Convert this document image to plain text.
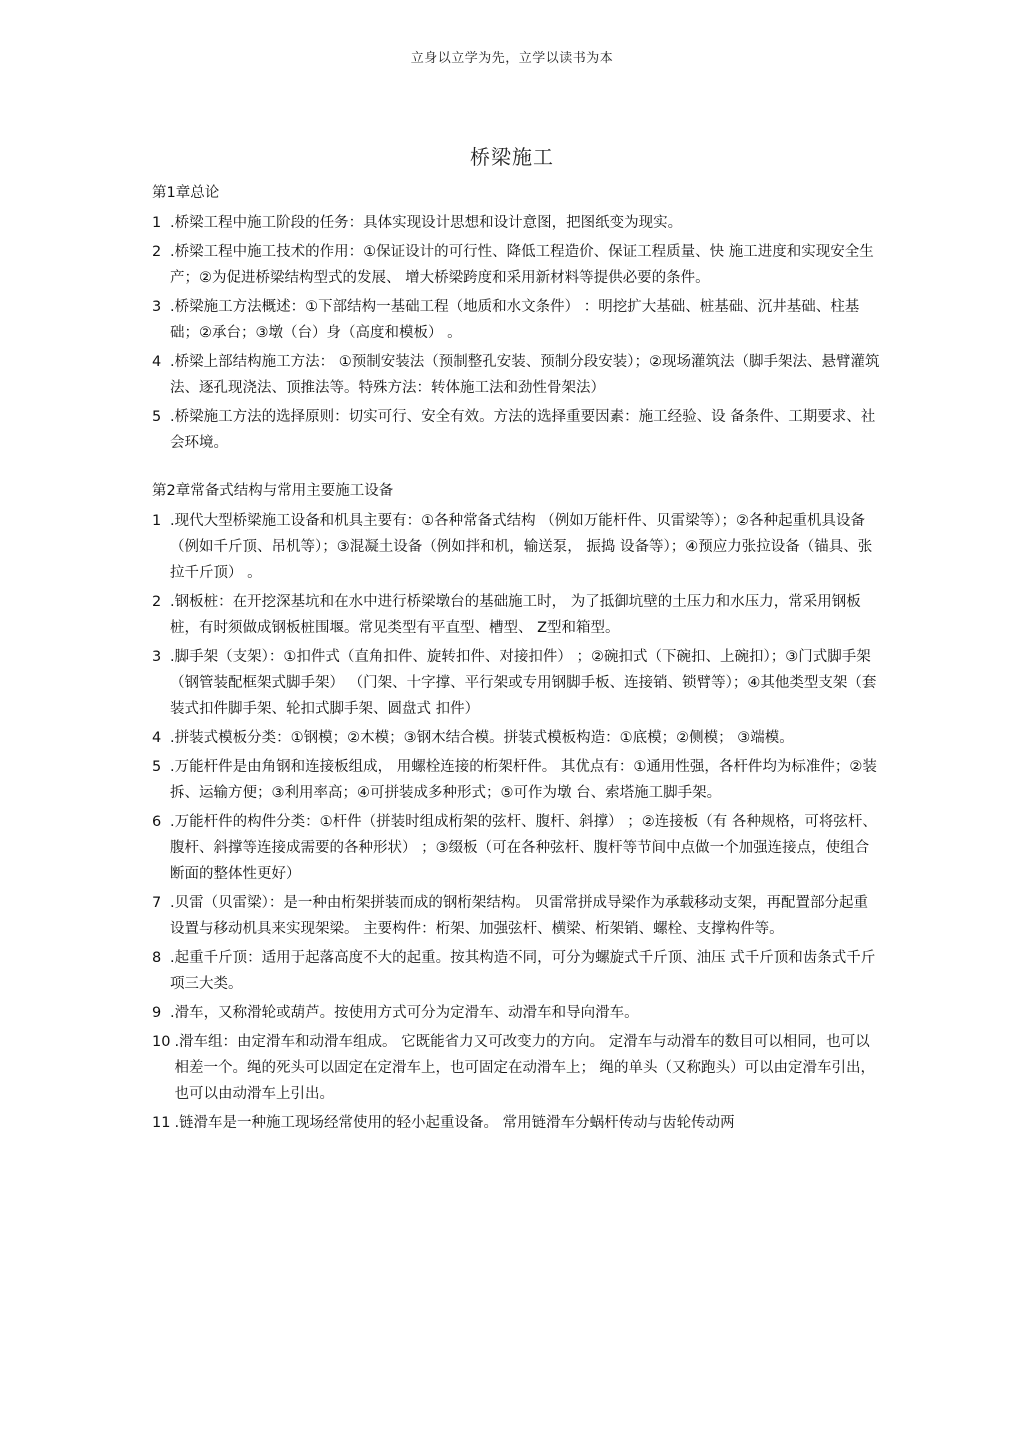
立身以立学为先，立学以读书为本
桥梁施工
第1章总论
1 .桥梁工程中施工阶段的任务：具体实现设计思想和设计意图，把图纸变为现实。
2 .桥梁工程中施工技术的作用：①保证设计的可行性、降低工程造价、保证工程质量、快 施工进度和实现安全生产；②为促进桥梁结构型式的发展、 增大桥梁跨度和采用新材料等提供必要的条件。
3 .桥梁施工方法概述：①下部结构一基础工程（地质和水文条件） ：明挖扩大基础、桩基础、沉井基础、柱基础；②承台；③墩（台）身（高度和模板） 。
4 .桥梁上部结构施工方法： ①预制安装法（预制整孔安装、预制分段安装）；②现场灌筑法（脚手架法、悬臂灌筑法、逐孔现浇法、顶推法等。特殊方法：转体施工法和劲性骨架法）
5 .桥梁施工方法的选择原则：切实可行、安全有效。方法的选择重要因素：施工经验、设 备条件、工期要求、社会环境。
第2章常备式结构与常用主要施工设备
1 .现代大型桥梁施工设备和机具主要有：①各种常备式结构 （例如万能杆件、贝雷梁等）；②各种起重机具设备（例如千斤顶、吊机等）；③混凝土设备（例如拌和机，输送泵， 振捣 设备等）；④预应力张拉设备（锚具、张拉千斤顶） 。
2 .钢板桩：在开挖深基坑和在水中进行桥梁墩台的基础施工时， 为了抵御坑壁的土压力和水压力，常采用钢板桩，有时须做成钢板桩围堰。常见类型有平直型、槽型、 Z型和箱型。
3 .脚手架（支架）：①扣件式（直角扣件、旋转扣件、对接扣件） ；②碗扣式（下碗扣、上碗扣）；③门式脚手架（钢管装配框架式脚手架） （门架、十字撑、平行架或专用钢脚手板、连接销、锁臂等）；④其他类型支架（套装式扣件脚手架、轮扣式脚手架、圆盘式 扣件）
4 .拼装式模板分类：①钢模；②木模；③钢木结合模。拼装式模板构造：①底模；②侧模； ③端模。
5 .万能杆件是由角钢和连接板组成， 用螺栓连接的桁架杆件。 其优点有：①通用性强，各杆件均为标准件；②装拆、运输方便；③利用率高；④可拼装成多种形式；⑤可作为墩 台、索塔施工脚手架。
6 .万能杆件的构件分类：①杆件（拼装时组成桁架的弦杆、腹杆、斜撑） ；②连接板（有 各种规格，可将弦杆、腹杆、斜撑等连接成需要的各种形状） ；③缀板（可在各种弦杆、腹杆等节间中点做一个加强连接点，使组合断面的整体性更好）
7 .贝雷（贝雷梁）：是一种由桁架拼装而成的钢桁架结构。 贝雷常拼成导梁作为承载移动支架，再配置部分起重设置与移动机具来实现架梁。 主要构件：桁架、加强弦杆、横梁、桁架销、螺栓、支撑构件等。
8 .起重千斤顶：适用于起落高度不大的起重。按其构造不同，可分为螺旋式千斤顶、油压 式千斤顶和齿条式千斤项三大类。
9 .滑车，又称滑轮或葫芦。按使用方式可分为定滑车、动滑车和导向滑车。
10 .滑车组：由定滑车和动滑车组成。 它既能省力又可改变力的方向。 定滑车与动滑车的数目可以相同，也可以相差一个。绳的死头可以固定在定滑车上，也可固定在动滑车上； 绳的单头（又称跑头）可以由定滑车引出，也可以由动滑车上引出。
11 .链滑车是一种施工现场经常使用的轻小起重设备。 常用链滑车分蜗杆传动与齿轮传动两
